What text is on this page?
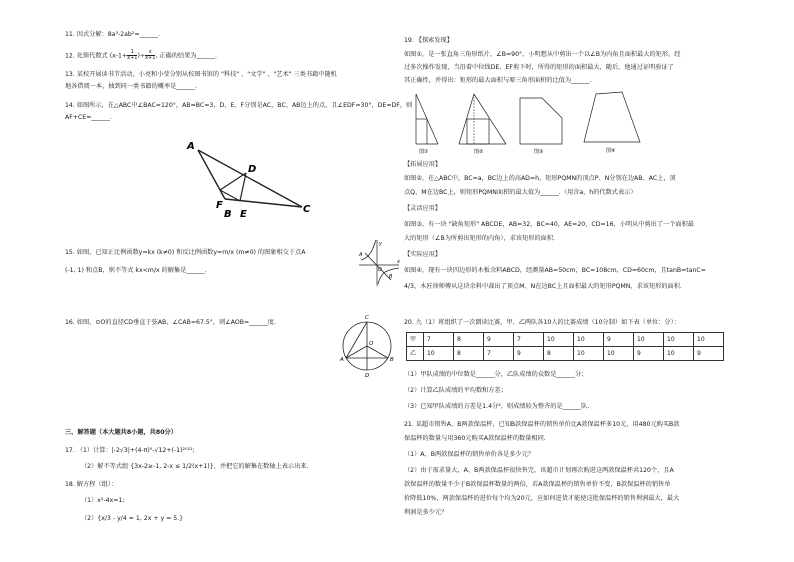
11. 因式分解：8a³-2ab²=______.
12. 化简代数式 ($x-1+ \frac{1}{x+1}$ )÷ $\frac{x}{x+1}$ , 正确的结果为______.
13. 某校开展读书节活动，小亮和小莹分别从校图书馆的 "科技" 、"文学" 、"艺术" 三类书籍中随机
地各借阅一本，抽到同一类书籍的概率是______.
14. 如图所示，在△ABC中∠BAC=120°，AB=BC=3，D、E、F分别是AC、BC、AB边上的点，且∠EDF=30°，DE=DF，则
AF+CE=______.
A
D
F
B E	C
15. 如图，已知正比例函数y=kx (k≠0) 和反比例函数y=m/x (m≠0) 的图象相交于点A
(-1, 1) 和点B，则不等式 kx<m/x 的解集是______.
y
x
A
B
O
16. 如图，⊙O的直径CD垂直于弦AB，∠CAB=67.5°，则∠AOB=______度.
C
A
O
B
D
三、解答题（本大题共8小题，共80分）
17. （1）计算：|-2√3|+(4-π)⁰-√12+(-1)²⁰²¹;
（2）解不等式组 {3x-2≥-1, 2-x ≤ 1/2(x+1)}，并把它的解集在数轴上表示出来.
18. 解方程（组）：
（1）x²-4x=1;
（2）{x/3 - y/4 = 1, 2x + y = 5.}
19. 【探索发现】
如图①，是一张直角三角形纸片，∠B=90°，小明想从中剪出一个以∠B为内角且面积最大的矩形，经
过多次操作发现，当沿着中位线DE、EF剪下时，所得的矩形的面积最大，随后，他通过证明验证了
其正确性，并得出：矩形的最大面积与原三角形面积的比值为______.
图①	图②	图③	图④
【拓展应用】
如图②，在△ABC中，BC=a，BC边上的高AD=h，矩形PQMN的顶点P、N分别在边AB、AC上，顶
点Q、M在边BC上，则矩形PQMN面积的最大值为______.（用含a，h的代数式表示）
【灵活应用】
如图③，有一块 "缺角矩形" ABCDE，AB=32，BC=40，AE=20，CD=16，小明从中剪出了一个面积最
大的矩形（∠B为所剪出矩形的内角），求该矩形的面积.
【实际应用】
如图④，现有一块四边形的木板余料ABCD，经测量AB=50cm，BC=108cm，CD=60cm，且tanB=tanC=
4/3，木匠徐师傅从这块余料中裁出了顶点M、N在边BC上且面积最大的矩形PQMN，求该矩形的面积.
20. 九（1）班组织了一次朗读比赛，甲、乙两队各10人的比赛成绩（10分制）如下表（单位：分）：
甲	7	8	9	7	10	10	9	10	10	10
乙	10	8	7	9	8	10	10	9	10	9
（1）甲队成绩的中位数是______分，乙队成绩的众数是______分；
（2）计算乙队成绩的平均数和方差；
（3）已知甲队成绩的方差是1.4分²，则成绩较为整齐的是______队.
21. 某超市销售A、B两款保温杯，已知B款保温杯的销售单价比A款保温杯多10元，用480元购买B款
保温杯的数量与用360元购买A款保温杯的数量相同.
（1）A、B两款保温杯的销售单价各是多少元？
（2）由于需求量大，A、B两款保温杯很快售完，该超市计划再次购进这两款保温杯共120个，且A
款保温杯的数量不少于B款保温杯数量的两倍，若A款保温杯的销售单价不变，B款保温杯的销售单
价降低10%，两款保温杯的进价每个均为20元，应如何进货才能使这批保温杯的销售利润最大，最大
利润是多少元？
